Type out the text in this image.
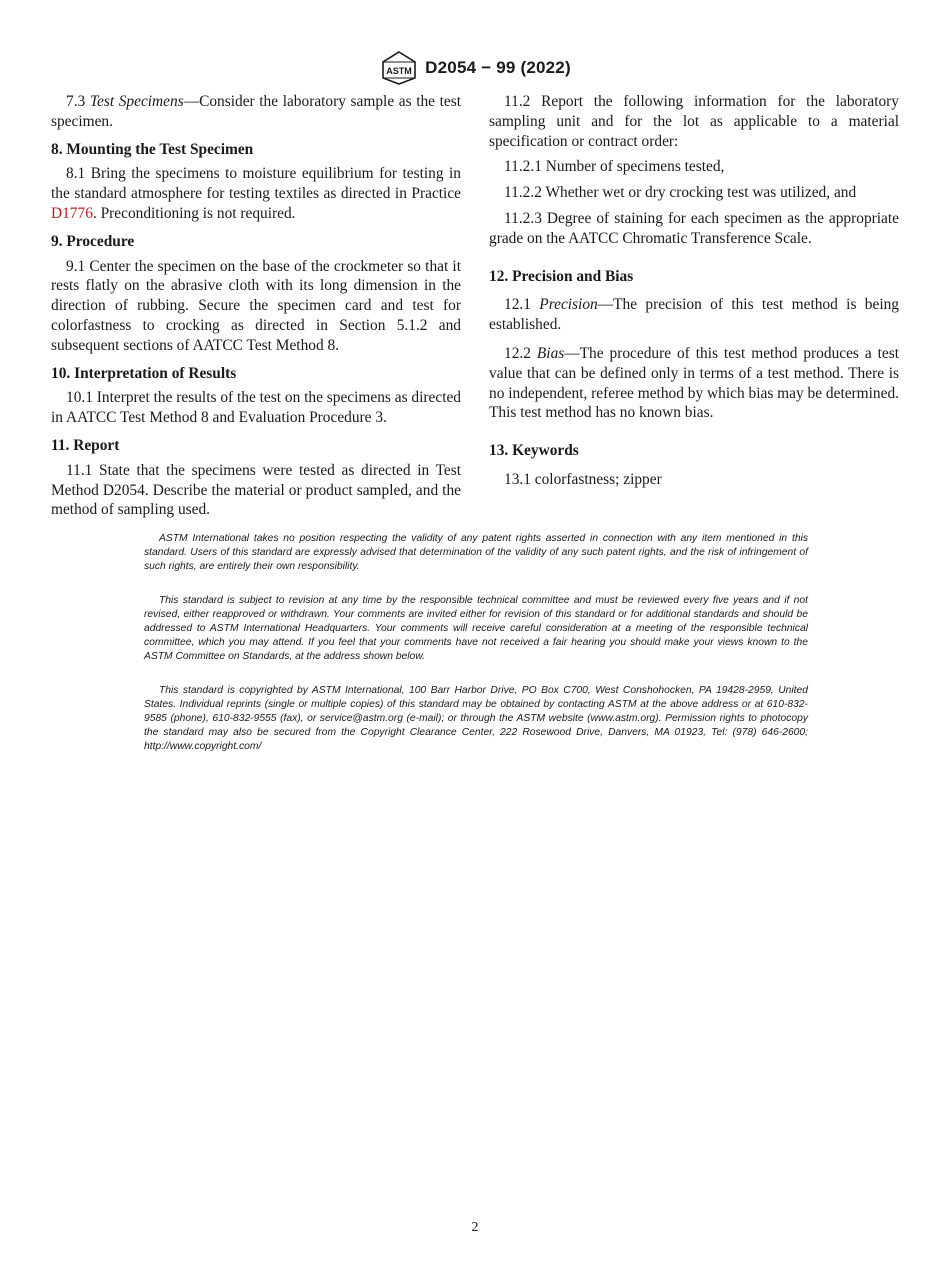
ASTM D2054 − 99 (2022)

7.3 Test Specimens—Consider the laboratory sample as the test specimen.

8. Mounting the Test Specimen

8.1 Bring the specimens to moisture equilibrium for testing in the standard atmosphere for testing textiles as directed in Practice D1776. Preconditioning is not required.

9. Procedure

9.1 Center the specimen on the base of the crockmeter so that it rests flatly on the abrasive cloth with its long dimension in the direction of rubbing. Secure the specimen card and test for colorfastness to crocking as directed in Section 5.1.2 and subsequent sections of AATCC Test Method 8.

10. Interpretation of Results

10.1 Interpret the results of the test on the specimens as directed in AATCC Test Method 8 and Evaluation Procedure 3.

11. Report

11.1 State that the specimens were tested as directed in Test Method D2054. Describe the material or product sampled, and the method of sampling used.

11.2 Report the following information for the laboratory sampling unit and for the lot as applicable to a material specification or contract order:

11.2.1 Number of specimens tested,

11.2.2 Whether wet or dry crocking test was utilized, and

11.2.3 Degree of staining for each specimen as the appropriate grade on the AATCC Chromatic Transference Scale.

12. Precision and Bias

12.1 Precision—The precision of this test method is being established.

12.2 Bias—The procedure of this test method produces a test value that can be defined only in terms of a test method. There is no independent, referee method by which bias may be determined. This test method has no known bias.

13. Keywords

13.1 colorfastness; zipper

ASTM International takes no position respecting the validity of any patent rights asserted in connection with any item mentioned in this standard. Users of this standard are expressly advised that determination of the validity of any such patent rights, and the risk of infringement of such rights, are entirely their own responsibility.

This standard is subject to revision at any time by the responsible technical committee and must be reviewed every five years and if not revised, either reapproved or withdrawn. Your comments are invited either for revision of this standard or for additional standards and should be addressed to ASTM International Headquarters. Your comments will receive careful consideration at a meeting of the responsible technical committee, which you may attend. If you feel that your comments have not received a fair hearing you should make your views known to the ASTM Committee on Standards, at the address shown below.

This standard is copyrighted by ASTM International, 100 Barr Harbor Drive, PO Box C700, West Conshohocken, PA 19428-2959, United States. Individual reprints (single or multiple copies) of this standard may be obtained by contacting ASTM at the above address or at 610-832-9585 (phone), 610-832-9555 (fax), or service@astm.org (e-mail); or through the ASTM website (www.astm.org). Permission rights to photocopy the standard may also be secured from the Copyright Clearance Center, 222 Rosewood Drive, Danvers, MA 01923, Tel: (978) 646-2600; http://www.copyright.com/

2
